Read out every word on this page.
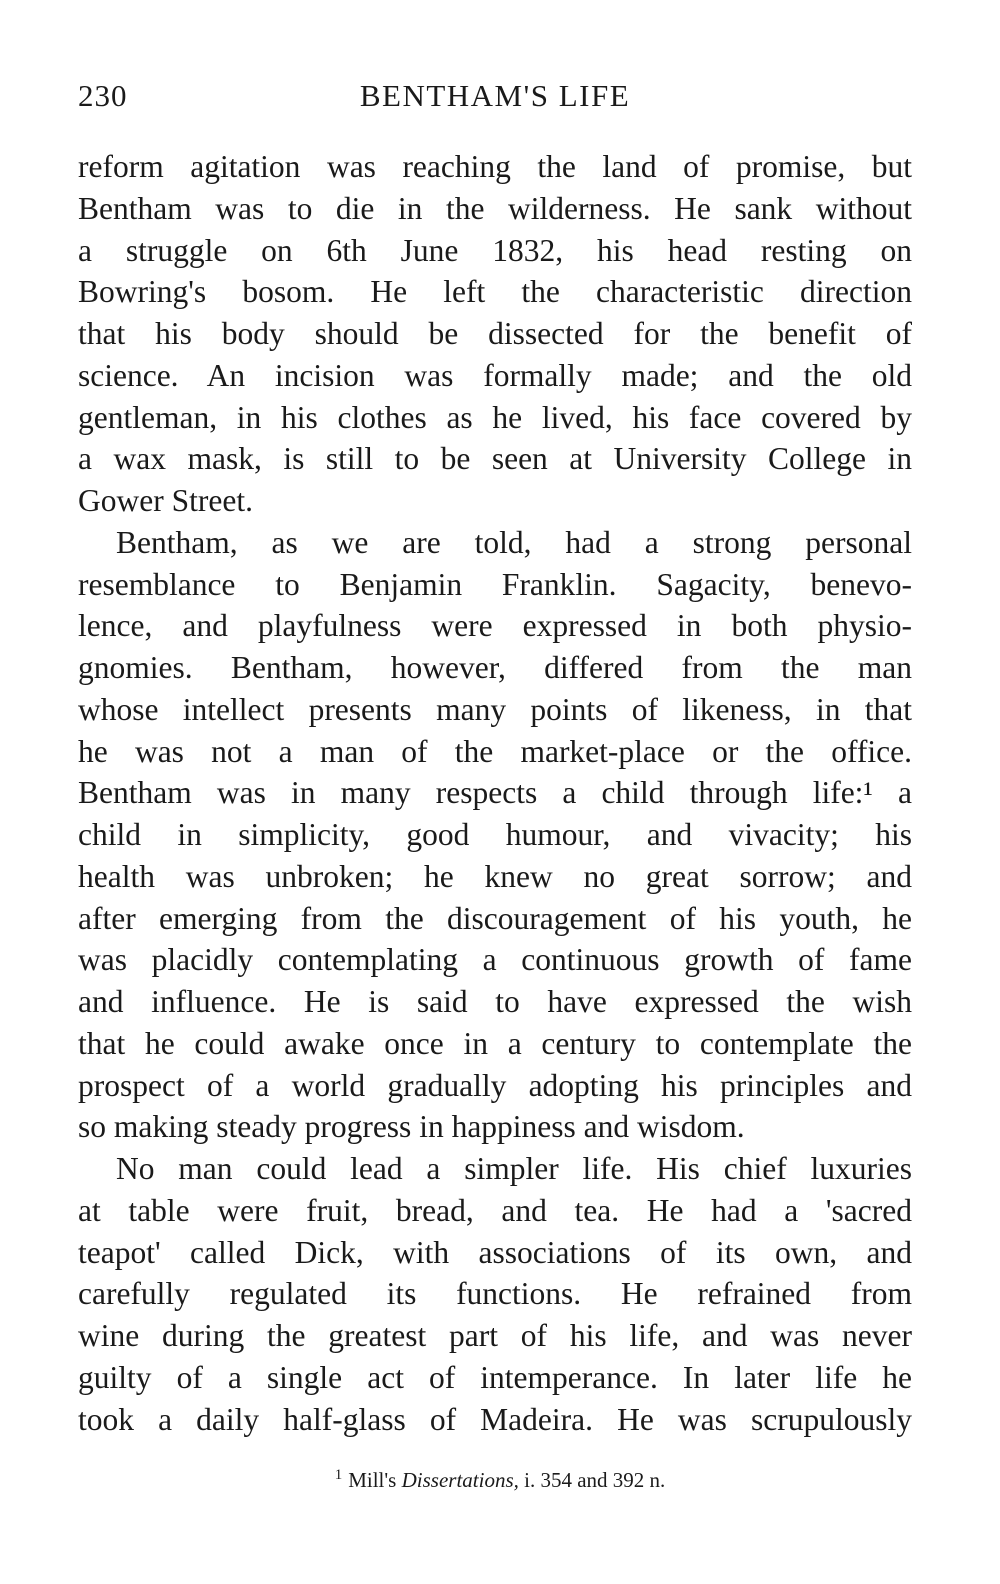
230	BENTHAM'S LIFE
reform agitation was reaching the land of promise, but
Bentham was to die in the wilderness. He sank without
a struggle on 6th June 1832, his head resting on
Bowring's bosom. He left the characteristic direction
that his body should be dissected for the benefit of
science. An incision was formally made; and the old
gentleman, in his clothes as he lived, his face covered by
a wax mask, is still to be seen at University College in
Gower Street.
Bentham, as we are told, had a strong personal
resemblance to Benjamin Franklin. Sagacity, benevo-
lence, and playfulness were expressed in both physio-
gnomies. Bentham, however, differed from the man
whose intellect presents many points of likeness, in that
he was not a man of the market-place or the office.
Bentham was in many respects a child through life:¹ a
child in simplicity, good humour, and vivacity; his
health was unbroken; he knew no great sorrow; and
after emerging from the discouragement of his youth, he
was placidly contemplating a continuous growth of fame
and influence. He is said to have expressed the wish
that he could awake once in a century to contemplate the
prospect of a world gradually adopting his principles and
so making steady progress in happiness and wisdom.
No man could lead a simpler life. His chief luxuries
at table were fruit, bread, and tea. He had a 'sacred
teapot' called Dick, with associations of its own, and
carefully regulated its functions. He refrained from
wine during the greatest part of his life, and was never
guilty of a single act of intemperance. In later life he
took a daily half-glass of Madeira. He was scrupulously
$^1$ Mill's Dissertations, i. 354 and 392 n.
